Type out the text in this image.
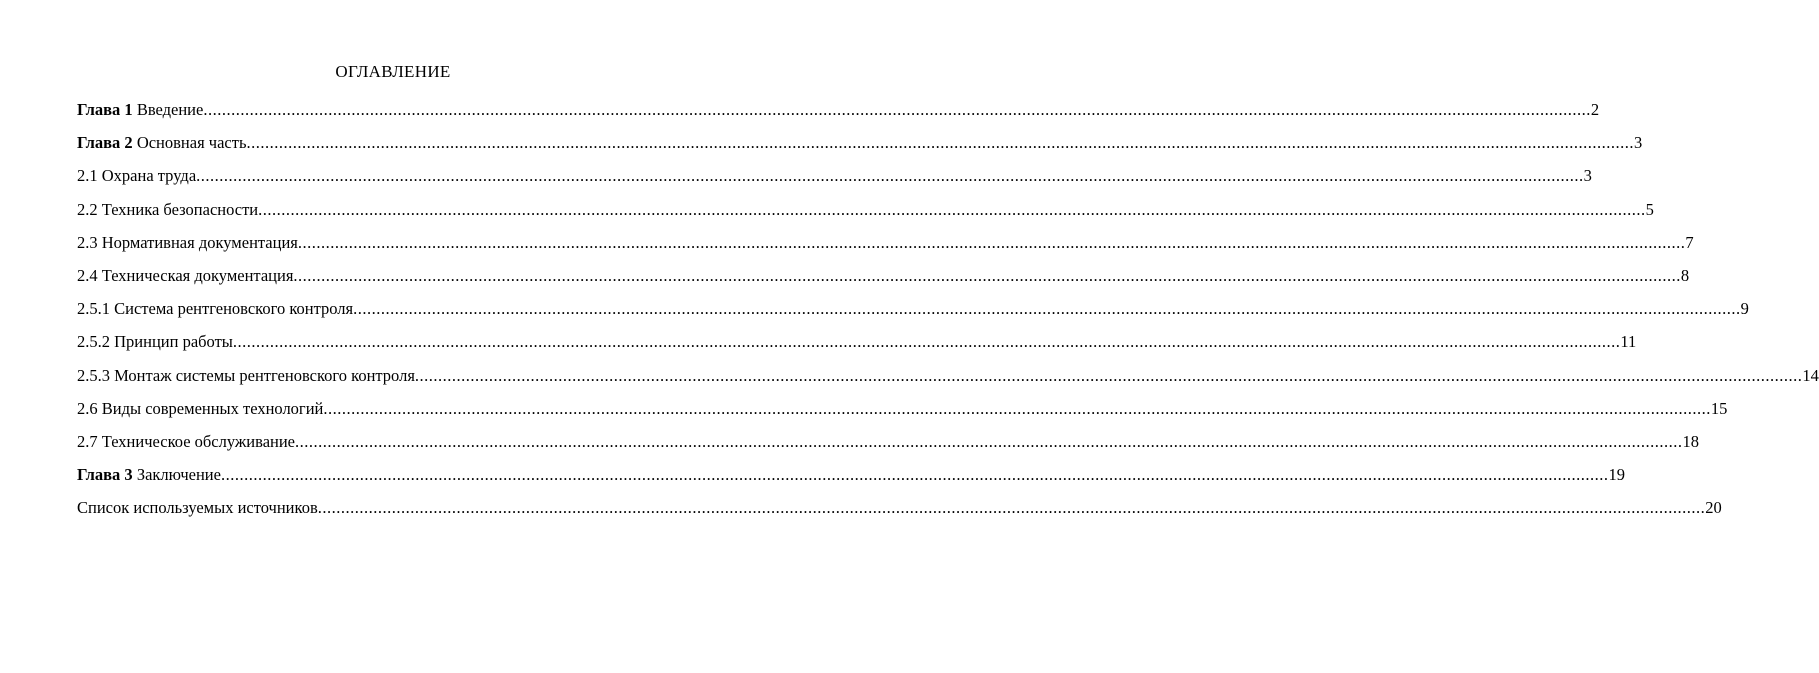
ОГЛАВЛЕНИЕ
Глава 1 Введение ............................................................................................................................................................................................................................................................................................................ 2
Глава 2 Основная часть ............................................................................................................................................................................................................................................................................................................ 3
2.1 Охрана труда ............................................................................................................................................................................................................................................................................................................ 3
2.2 Техника безопасности ............................................................................................................................................................................................................................................................................................................ 5
2.3 Нормативная документация ............................................................................................................................................................................................................................................................................................................ 7
2.4 Техническая документация ............................................................................................................................................................................................................................................................................................................ 8
2.5.1 Система рентгеновского контроля ............................................................................................................................................................................................................................................................................................................ 9
2.5.2 Принцип работы ............................................................................................................................................................................................................................................................................................................ 11
2.5.3 Монтаж системы рентгеновского контроля ............................................................................................................................................................................................................................................................................................................ 14
2.6 Виды современных технологий ............................................................................................................................................................................................................................................................................................................ 15
2.7 Техническое обслуживание ............................................................................................................................................................................................................................................................................................................ 18
Глава 3 Заключение ............................................................................................................................................................................................................................................................................................................ 19
Список используемых источников ............................................................................................................................................................................................................................................................................................................ 20
